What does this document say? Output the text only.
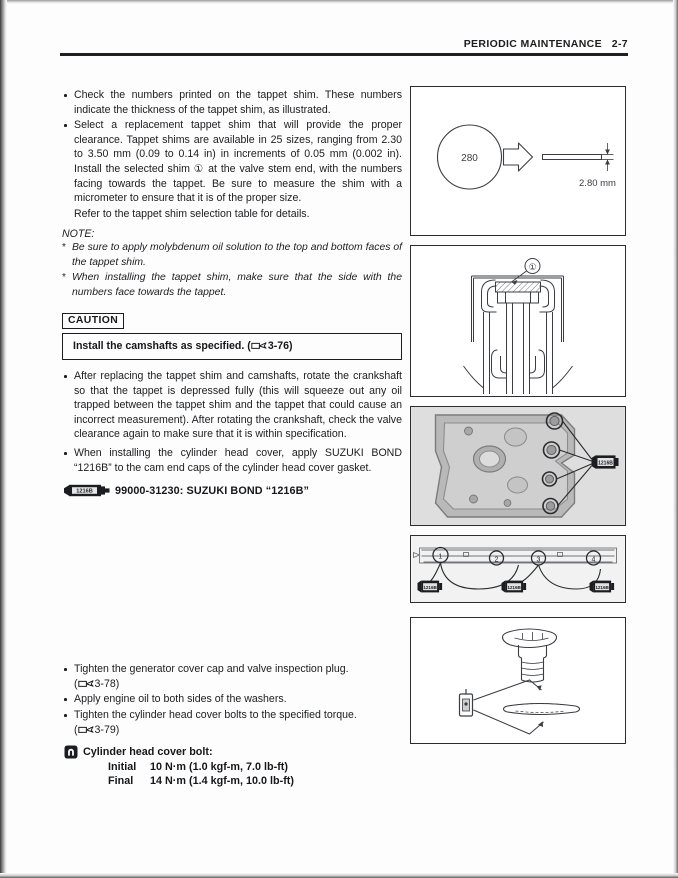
PERIODIC MAINTENANCE 2-7
Check the numbers printed on the tappet shim. These numbers indicate the thickness of the tappet shim, as illustrated.
Select a replacement tappet shim that will provide the proper clearance. Tappet shims are available in 25 sizes, ranging from 2.30 to 3.50 mm (0.09 to 0.14 in) in increments of 0.05 mm (0.002 in). Install the selected shim ① at the valve stem end, with the numbers facing towards the tappet. Be sure to measure the shim with a micrometer to ensure that it is of the proper size.
Refer to the tappet shim selection table for details.
NOTE:
* Be sure to apply molybdenum oil solution to the top and bottom faces of the tappet shim.
* When installing the tappet shim, make sure that the side with the numbers face towards the tappet.
CAUTION
Install the camshafts as specified. ( 3-76)
After replacing the tappet shim and camshafts, rotate the crankshaft so that the tappet is depressed fully (this will squeeze out any oil trapped between the tappet shim and the tappet that could cause an incorrect measurement). After rotating the crankshaft, check the valve clearance again to make sure that it is within specification.
When installing the cylinder head cover, apply SUZUKI BOND “1216B” to the cam end caps of the cylinder head cover gasket.
1216B 99000-31230: SUZUKI BOND “1216B”
Tighten the generator cover cap and valve inspection plug.
( 3-78)
Apply engine oil to both sides of the washers.
Tighten the cylinder head cover bolts to the specified torque.
( 3-79)
Cylinder head cover bolt:
Initial 10 N·m (1.0 kgf-m, 7.0 lb-ft)
Final 14 N·m (1.4 kgf-m, 10.0 lb-ft)
280
2.80 mm
①
1216B
1	2	3	4
1216B	1216B	1216B
